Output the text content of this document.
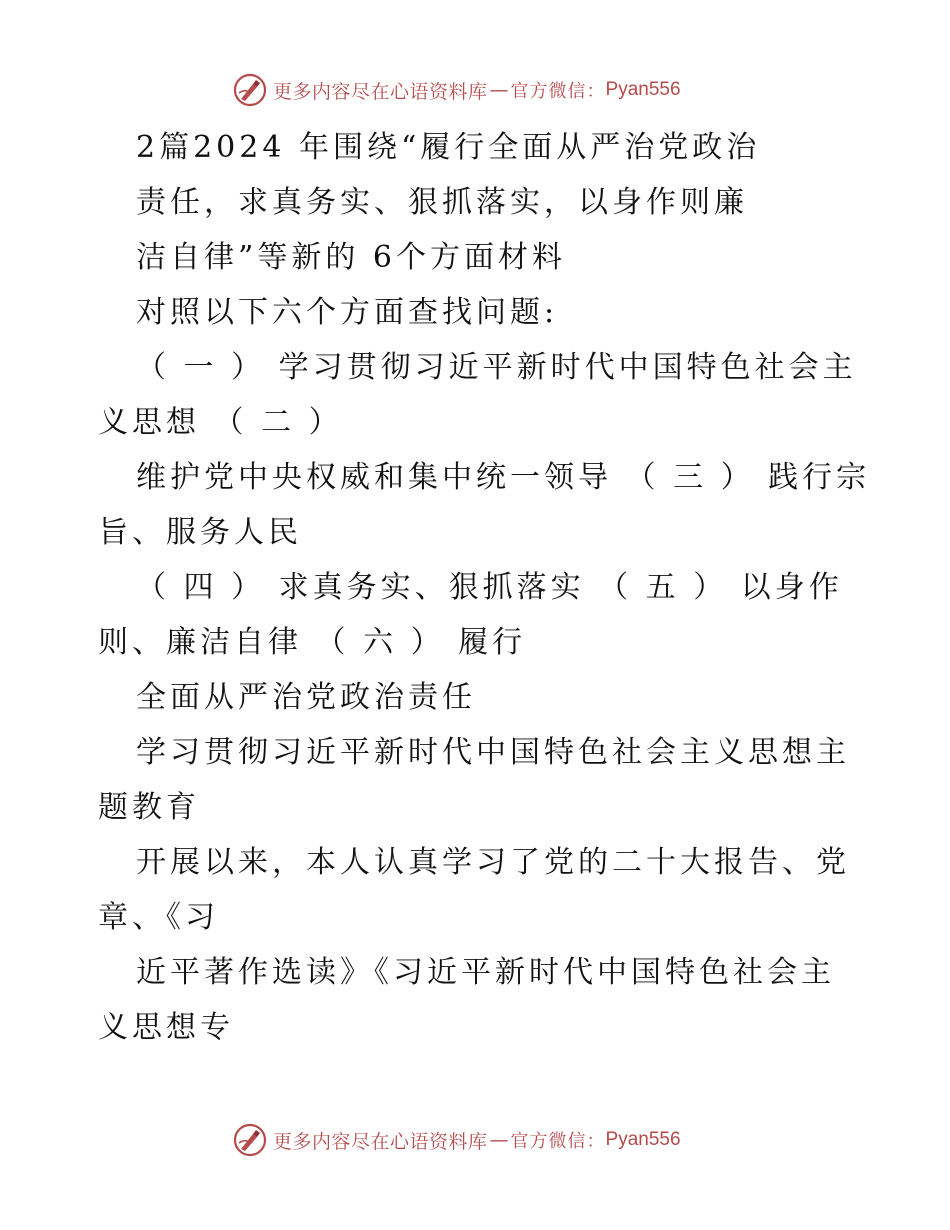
更多内容尽在心语资料库 — 官方微信： Pyan556
2篇2024 年围绕“履行全面从严治党政治
责任，求真务实、狠抓落实，以身作则廉
洁自律”等新的 6个方面材料
对照以下六个方面查找问题:
（ 一 ） 学习贯彻习近平新时代中国特色社会主
义思想 （ 二 ）
维护党中央权威和集中统一领导 （ 三 ） 践行宗
旨、服务人民
（ 四 ） 求真务实、狠抓落实 （ 五 ） 以身作
则、廉洁自律 （ 六 ） 履行
全面从严治党政治责任
学习贯彻习近平新时代中国特色社会主义思想主
题教育
开展以来，本人认真学习了党的二十大报告、党
章、《习
近平著作选读》《习近平新时代中国特色社会主
义思想专
更多内容尽在心语资料库 — 官方微信： Pyan556
